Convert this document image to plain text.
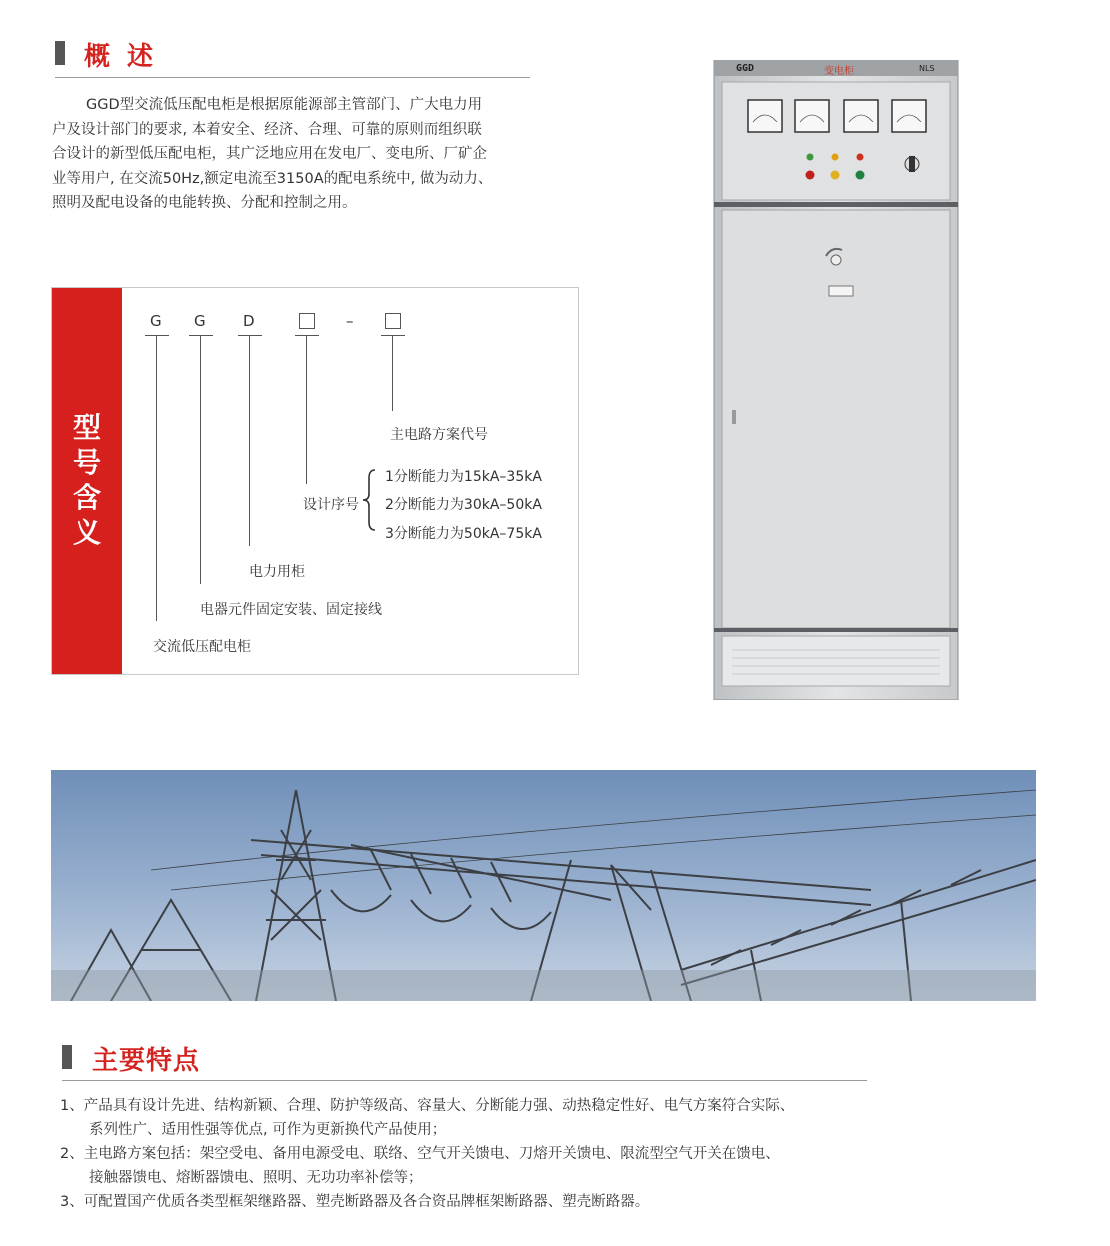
概 述

GGD型交流低压配电柜是根据原能源部主管部门、广大电力用

户及设计部门的要求, 本着安全、经济、合理、可靠的原则而组织联

合设计的新型低压配电柜，其广泛地应用在发电厂、变电所、厂矿企

业等用户, 在交流50Hz,额定电流至3150A的配电系统中, 做为动力、

照明及配电设备的电能转换、分配和控制之用。

型
号
含
义
G G D	–
主电路方案代号
设计序号
1分断能力为15kA–35kA
2分断能力为30kA–50kA
3分断能力为50kA–75kA
电力用柜
电器元件固定安装、固定接线
交流低压配电柜
GGD	变电柜	NLS
主要特点

1、产品具有设计先进、结构新颖、合理、防护等级高、容量大、分断能力强、动热稳定性好、电气方案符合实际、

　　系列性广、适用性强等优点, 可作为更新换代产品使用；

2、主电路方案包括：架空受电、备用电源受电、联络、空气开关馈电、刀熔开关馈电、限流型空气开关在馈电、

　　接触器馈电、熔断器馈电、照明、无功功率补偿等；

3、可配置国产优质各类型框架继路器、塑壳断路器及各合资品牌框架断路器、塑壳断路器。
